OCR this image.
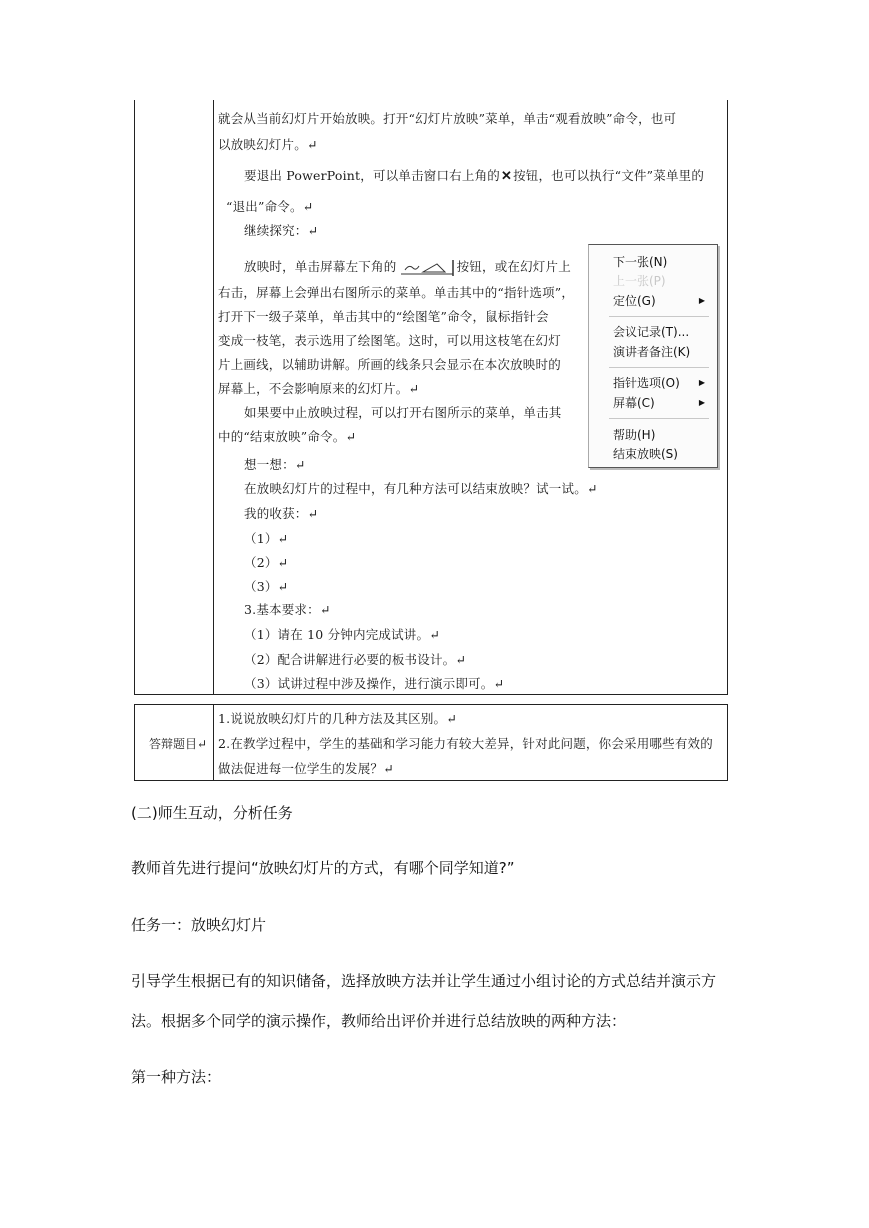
就会从当前幻灯片开始放映。打开“幻灯片放映”菜单，单击“观看放映”命令，也可
以放映幻灯片。↵
要退出 PowerPoint，可以单击窗口右上角的✕按钮，也可以执行“文件”菜单里的
“退出”命令。↵
继续探究：↵
放映时，单击屏幕左下角的	按钮，或在幻灯片上
右击，屏幕上会弹出右图所示的菜单。单击其中的“指针选项”，
打开下一级子菜单，单击其中的“绘图笔”命令，鼠标指针会
变成一枝笔，表示选用了绘图笔。这时，可以用这枝笔在幻灯
片上画线，以辅助讲解。所画的线条只会显示在本次放映时的
屏幕上，不会影响原来的幻灯片。↵
如果要中止放映过程，可以打开右图所示的菜单，单击其
中的“结束放映”命令。↵
想一想：↵
在放映幻灯片的过程中，有几种方法可以结束放映？试一试。↵
我的收获：↵
（1）↵
（2）↵
（3）↵
3.基本要求：↵
（1）请在 10 分钟内完成试讲。↵
（2）配合讲解进行必要的板书设计。↵
（3）试讲过程中涉及操作，进行演示即可。↵
下一张(N)
上一张(P)
定位(G)	▶
会议记录(T)...
演讲者备注(K)
指针选项(O) ▶
屏幕(C)	▶
帮助(H)
结束放映(S)
答辩题目↵
1.说说放映幻灯片的几种方法及其区别。↵
2.在教学过程中，学生的基础和学习能力有较大差异，针对此问题，你会采用哪些有效的
做法促进每一位学生的发展？↵
(二)师生互动，分析任务
教师首先进行提问“放映幻灯片的方式，有哪个同学知道?”
任务一：放映幻灯片
引导学生根据已有的知识储备，选择放映方法并让学生通过小组讨论的方式总结并演示方
法。根据多个同学的演示操作，教师给出评价并进行总结放映的两种方法：
第一种方法：
